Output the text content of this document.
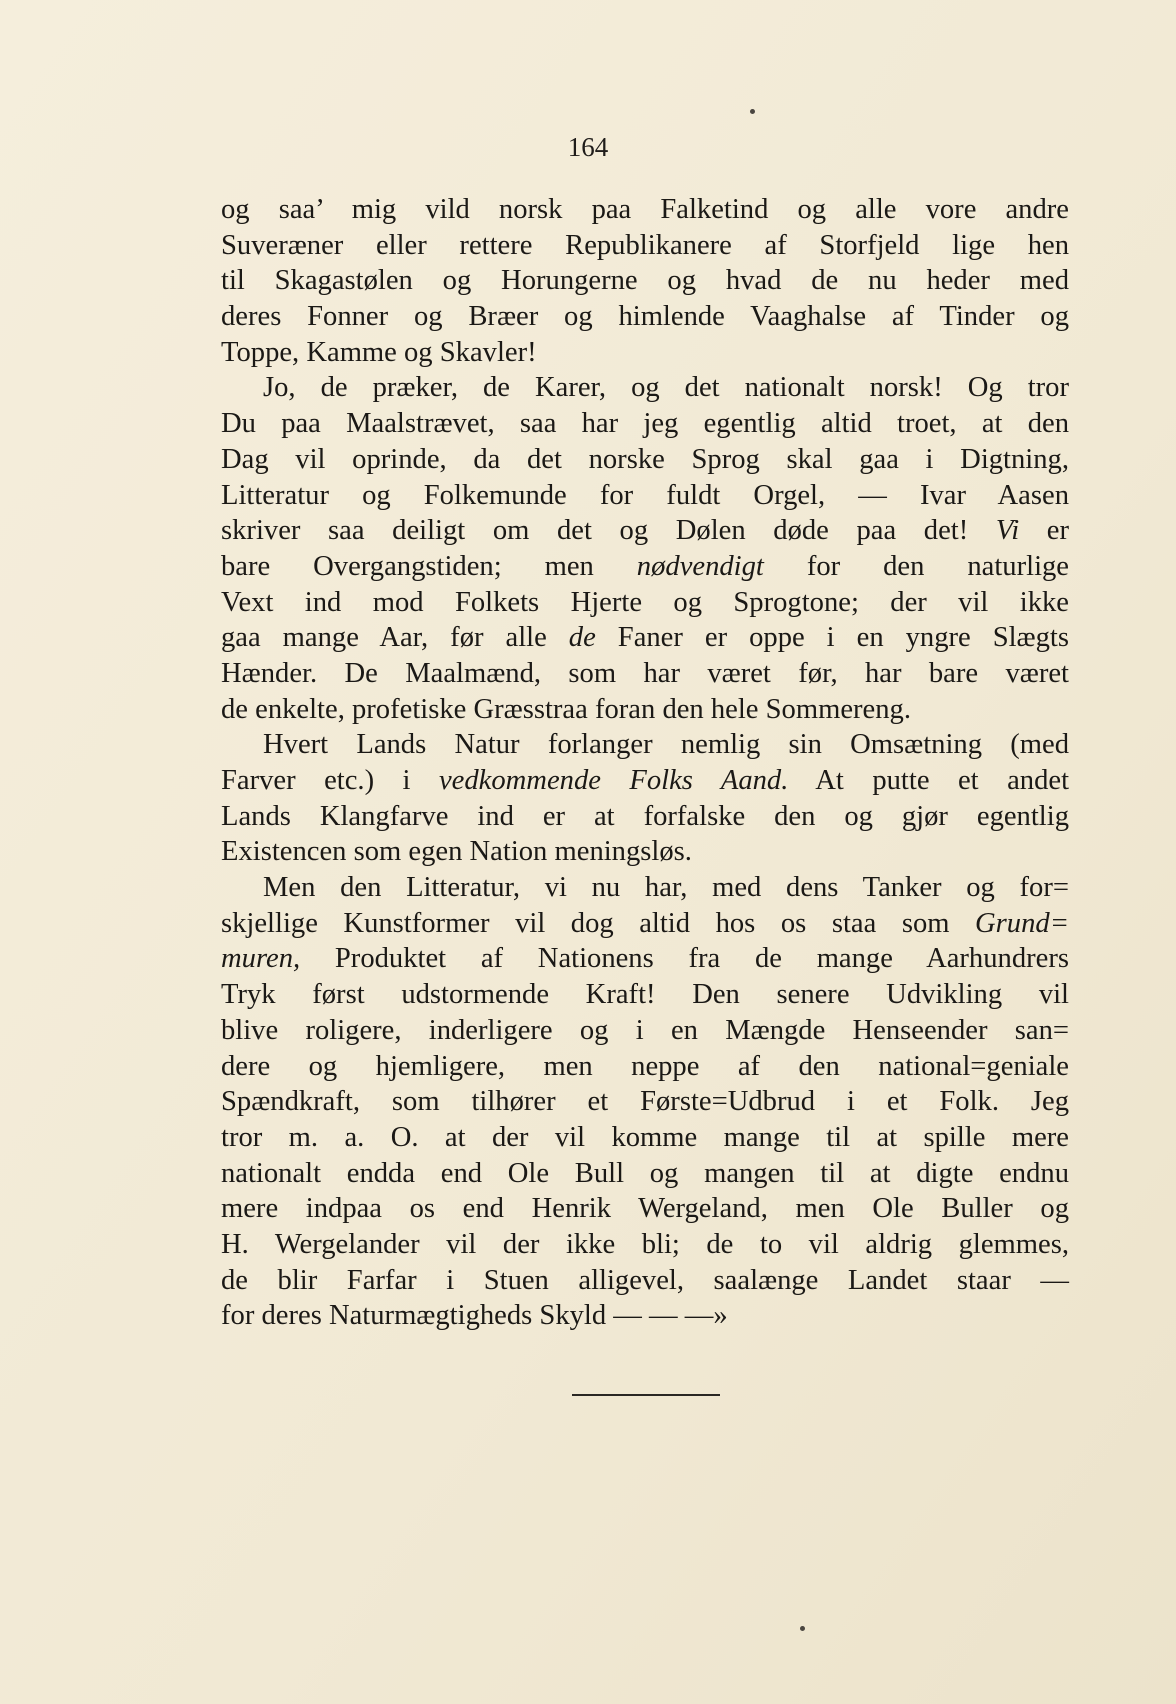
164
og saa’ mig vild norsk paa Falketind og alle vore andre
Suveræner eller rettere Republikanere af Storfjeld lige hen
til Skagastølen og Horungerne og hvad de nu heder med
deres Fonner og Bræer og himlende Vaaghalse af Tinder og
Toppe, Kamme og Skavler!
Jo, de præker, de Karer, og det nationalt norsk! Og tror
Du paa Maalstrævet, saa har jeg egentlig altid troet, at den
Dag vil oprinde, da det norske Sprog skal gaa i Digtning,
Litteratur og Folkemunde for fuldt Orgel, — Ivar Aasen
skriver saa deiligt om det og Dølen døde paa det! Vi er
bare Overgangstiden; men nødvendigt for den naturlige
Vext ind mod Folkets Hjerte og Sprogtone; der vil ikke
gaa mange Aar, før alle de Faner er oppe i en yngre Slægts
Hænder. De Maalmænd, som har været før, har bare været
de enkelte, profetiske Græsstraa foran den hele Sommereng.
Hvert Lands Natur forlanger nemlig sin Omsætning (med
Farver etc.) i vedkommende Folks Aand. At putte et andet
Lands Klangfarve ind er at forfalske den og gjør egentlig
Existencen som egen Nation meningsløs.
Men den Litteratur, vi nu har, med dens Tanker og for=
skjellige Kunstformer vil dog altid hos os staa som Grund=
muren, Produktet af Nationens fra de mange Aarhundrers
Tryk først udstormende Kraft! Den senere Udvikling vil
blive roligere, inderligere og i en Mængde Henseender san=
dere og hjemligere, men neppe af den national=geniale
Spændkraft, som tilhører et Første=Udbrud i et Folk. Jeg
tror m. a. O. at der vil komme mange til at spille mere
nationalt endda end Ole Bull og mangen til at digte endnu
mere indpaa os end Henrik Wergeland, men Ole Buller og
H. Wergelander vil der ikke bli; de to vil aldrig glemmes,
de blir Farfar i Stuen alligevel, saalænge Landet staar —
for deres Naturmægtigheds Skyld — — —»
